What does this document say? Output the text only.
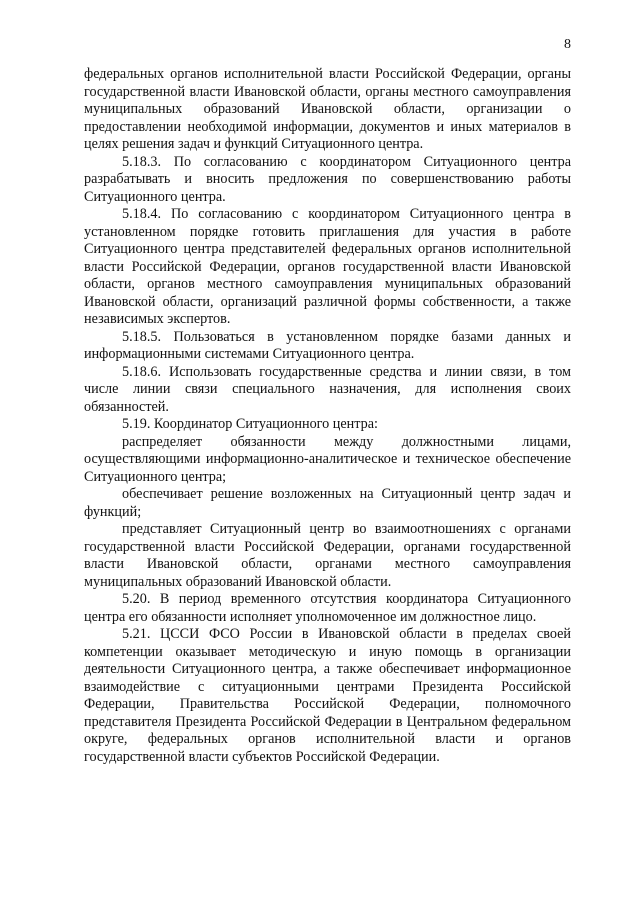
8

федеральных органов исполнительной власти Российской Федерации, органы государственной власти Ивановской области, органы местного самоуправления муниципальных образований Ивановской области, организации о предоставлении необходимой информации, документов и иных материалов в целях решения задач и функций Ситуационного центра.

5.18.3. По согласованию с координатором Ситуационного центра разрабатывать и вносить предложения по совершенствованию работы Ситуационного центра.

5.18.4. По согласованию с координатором Ситуационного центра в установленном порядке готовить приглашения для участия в работе Ситуационного центра представителей федеральных органов исполнительной власти Российской Федерации, органов государственной власти Ивановской области, органов местного самоуправления муниципальных образований Ивановской области, организаций различной формы собственности, а также независимых экспертов.

5.18.5. Пользоваться в установленном порядке базами данных и информационными системами Ситуационного центра.

5.18.6. Использовать государственные средства и линии связи, в том числе линии связи специального назначения, для исполнения своих обязанностей.

5.19. Координатор Ситуационного центра:

распределяет обязанности между должностными лицами, осуществляющими информационно-аналитическое и техническое обеспечение Ситуационного центра;

обеспечивает решение возложенных на Ситуационный центр задач и функций;

представляет Ситуационный центр во взаимоотношениях с органами государственной власти Российской Федерации, органами государственной власти Ивановской области, органами местного самоуправления муниципальных образований Ивановской области.

5.20. В период временного отсутствия координатора Ситуационного центра его обязанности исполняет уполномоченное им должностное лицо.

5.21. ЦССИ ФСО России в Ивановской области в пределах своей компетенции оказывает методическую и иную помощь в организации деятельности Ситуационного центра, а также обеспечивает информационное взаимодействие с ситуационными центрами Президента Российской Федерации, Правительства Российской Федерации, полномочного представителя Президента Российской Федерации в Центральном федеральном округе, федеральных органов исполнительной власти и органов государственной власти субъектов Российской Федерации.
